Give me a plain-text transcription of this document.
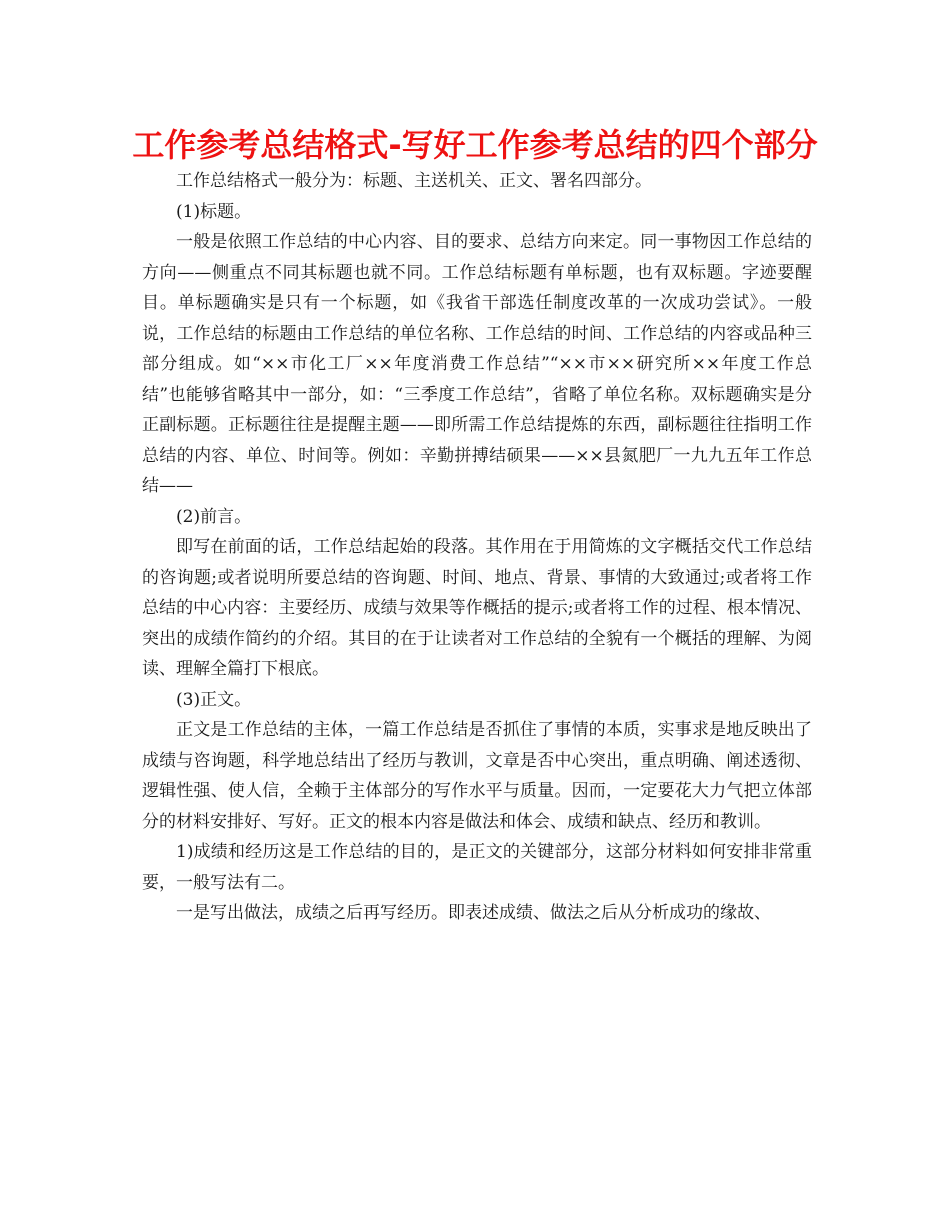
工作参考总结格式-写好工作参考总结的四个部分

工作总结格式一般分为：标题、主送机关、正文、署名四部分。

(1)标题。

一般是依照工作总结的中心内容、目的要求、总结方向来定。同一事物因工作总结的方向——侧重点不同其标题也就不同。工作总结标题有单标题，也有双标题。字迹要醒目。单标题确实是只有一个标题，如《我省干部选任制度改革的一次成功尝试》。一般说，工作总结的标题由工作总结的单位名称、工作总结的时间、工作总结的内容或品种三部分组成。如“××市化工厂××年度消费工作总结”“××市××研究所××年度工作总结”也能够省略其中一部分，如：“三季度工作总结”，省略了单位名称。双标题确实是分正副标题。正标题往往是提醒主题——即所需工作总结提炼的东西，副标题往往指明工作总结的内容、单位、时间等。例如：辛勤拼搏结硕果——××县氮肥厂一九九五年工作总结——

(2)前言。

即写在前面的话，工作总结起始的段落。其作用在于用简炼的文字概括交代工作总结的咨询题;或者说明所要总结的咨询题、时间、地点、背景、事情的大致通过;或者将工作总结的中心内容：主要经历、成绩与效果等作概括的提示;或者将工作的过程、根本情况、突出的成绩作简约的介绍。其目的在于让读者对工作总结的全貌有一个概括的理解、为阅读、理解全篇打下根底。

(3)正文。

正文是工作总结的主体，一篇工作总结是否抓住了事情的本质，实事求是地反映出了成绩与咨询题，科学地总结出了经历与教训，文章是否中心突出，重点明确、阐述透彻、逻辑性强、使人信，全赖于主体部分的写作水平与质量。因而，一定要花大力气把立体部分的材料安排好、写好。正文的根本内容是做法和体会、成绩和缺点、经历和教训。

1)成绩和经历这是工作总结的目的，是正文的关键部分，这部分材料如何安排非常重要，一般写法有二。

一是写出做法，成绩之后再写经历。即表述成绩、做法之后从分析成功的缘故、
